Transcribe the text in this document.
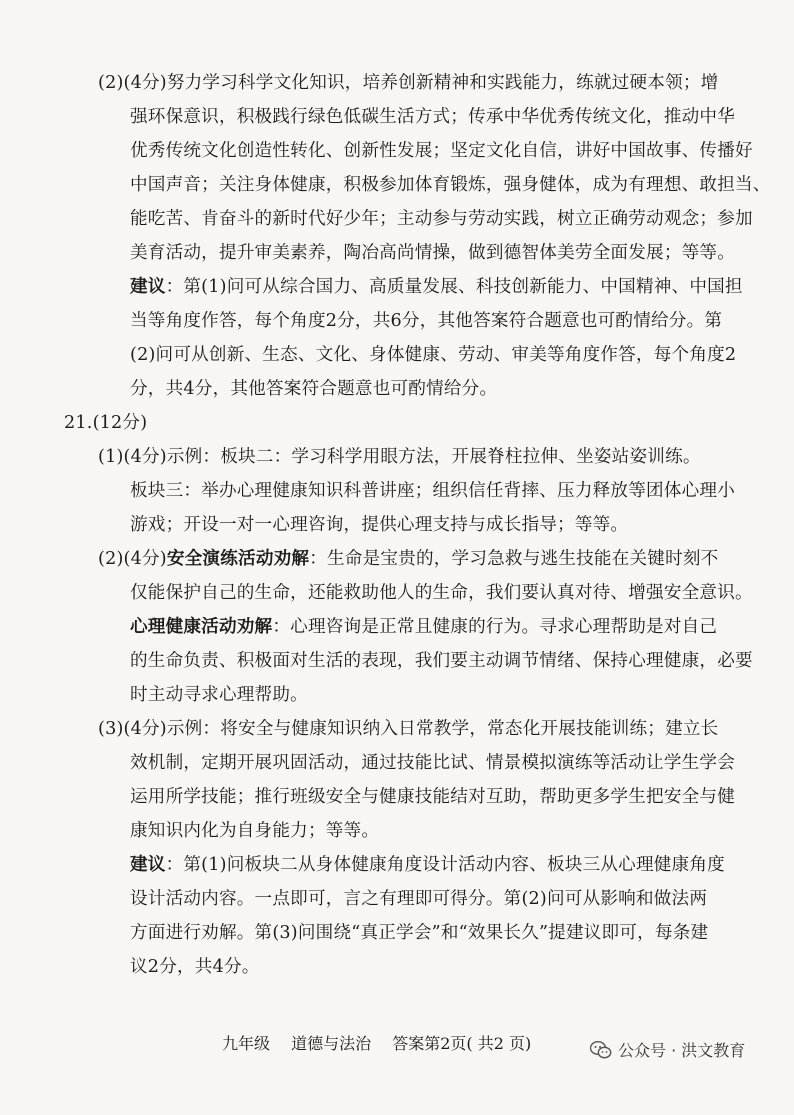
(2)(4分)努力学习科学文化知识，培养创新精神和实践能力，练就过硬本领；增
强环保意识，积极践行绿色低碳生活方式；传承中华优秀传统文化，推动中华
优秀传统文化创造性转化、创新性发展；坚定文化自信，讲好中国故事、传播好
中国声音；关注身体健康，积极参加体育锻炼，强身健体，成为有理想、敢担当、
能吃苦、肯奋斗的新时代好少年；主动参与劳动实践，树立正确劳动观念；参加
美育活动，提升审美素养，陶冶高尚情操，做到德智体美劳全面发展；等等。
建议：第(1)问可从综合国力、高质量发展、科技创新能力、中国精神、中国担
当等角度作答，每个角度2分，共6分，其他答案符合题意也可酌情给分。第
(2)问可从创新、生态、文化、身体健康、劳动、审美等角度作答，每个角度2
分，共4分，其他答案符合题意也可酌情给分。
21.(12分)
(1)(4分)示例：板块二：学习科学用眼方法，开展脊柱拉伸、坐姿站姿训练。
板块三：举办心理健康知识科普讲座；组织信任背摔、压力释放等团体心理小
游戏；开设一对一心理咨询，提供心理支持与成长指导；等等。
(2)(4分)安全演练活动劝解：生命是宝贵的，学习急救与逃生技能在关键时刻不
仅能保护自己的生命，还能救助他人的生命，我们要认真对待、增强安全意识。
心理健康活动劝解：心理咨询是正常且健康的行为。寻求心理帮助是对自己
的生命负责、积极面对生活的表现，我们要主动调节情绪、保持心理健康，必要
时主动寻求心理帮助。
(3)(4分)示例：将安全与健康知识纳入日常教学，常态化开展技能训练；建立长
效机制，定期开展巩固活动，通过技能比试、情景模拟演练等活动让学生学会
运用所学技能；推行班级安全与健康技能结对互助，帮助更多学生把安全与健
康知识内化为自身能力；等等。
建议：第(1)问板块二从身体健康角度设计活动内容、板块三从心理健康角度
设计活动内容。一点即可，言之有理即可得分。第(2)问可从影响和做法两
方面进行劝解。第(3)问围绕“真正学会”和“效果长久”提建议即可，每条建
议2分，共4分。
九年级 道德与法治 答案第2页( 共2 页)	公众号 · 洪文教育
